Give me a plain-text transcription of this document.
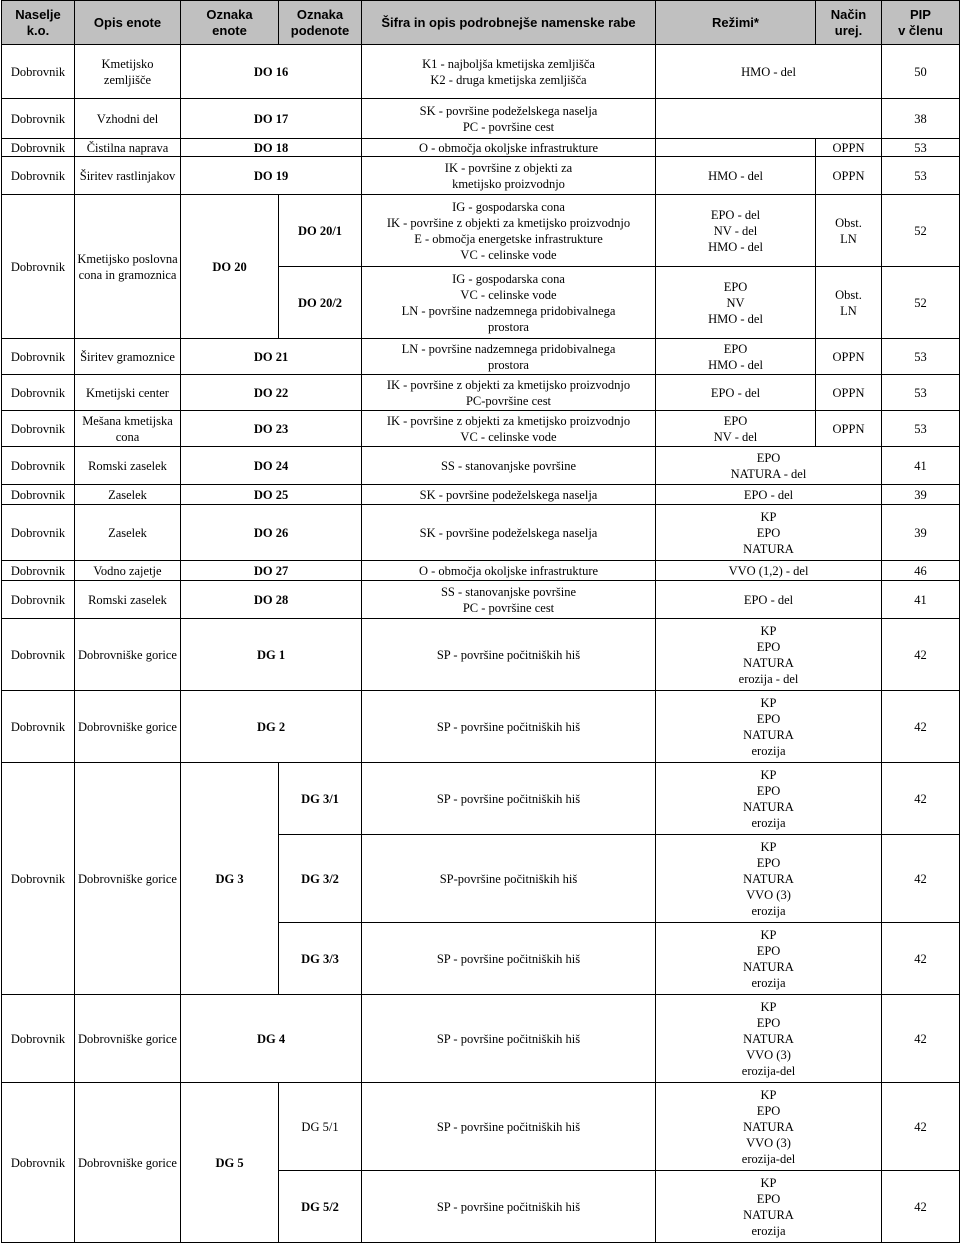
Naselje
k.o.	Opis enote	Oznaka
enote	Oznaka
podenote	Šifra in opis podrobnejše namenske rabe	Režimi*	Način
urej.	PIP
v členu
Dobrovnik	Kmetijsko zemljišče	DO 16		K1 - najboljša kmetijska zemljišča
K2 - druga kmetijska zemljišča	HMO - del		50
Dobrovnik	Vzhodni del	DO 17		SK - površine podeželskega naselja
PC - površine cest			38
Dobrovnik	Čistilna naprava	DO 18		O - območja okoljske infrastrukture		OPPN	53
Dobrovnik	Širitev rastlinjakov	DO 19		IK - površine z objekti za
kmetijsko proizvodnjo	HMO - del	OPPN	53
Dobrovnik	Kmetijsko poslovna
cona in gramoznica	DO 20	DO 20/1	IG - gospodarska cona
IK - površine z objekti za kmetijsko proizvodnjo
E - območja energetske infrastrukture
VC - celinske vode	EPO - del
NV - del
HMO - del	Obst.
LN	52
			DO 20/2	IG - gospodarska cona
VC - celinske vode
LN - površine nadzemnega pridobivalnega
prostora	EPO
NV
HMO - del	Obst.
LN	52
Dobrovnik	Širitev gramoznice	DO 21		LN - površine nadzemnega pridobivalnega
prostora	EPO
HMO - del	OPPN	53
Dobrovnik	Kmetijski center	DO 22		IK - površine z objekti za kmetijsko proizvodnjo
PC-površine cest	EPO - del	OPPN	53
Dobrovnik	Mešana kmetijska
cona	DO 23		IK - površine z objekti za kmetijsko proizvodnjo
VC - celinske vode	EPO
NV - del	OPPN	53
Dobrovnik	Romski zaselek	DO 24		SS - stanovanjske površine	EPO
NATURA - del		41
Dobrovnik	Zaselek	DO 25		SK - površine podeželskega naselja	EPO - del		39
Dobrovnik	Zaselek	DO 26		SK - površine podeželskega naselja	KP
EPO
NATURA		39
Dobrovnik	Vodno zajetje	DO 27		O - območja okoljske infrastrukture	VVO (1,2) - del		46
Dobrovnik	Romski zaselek	DO 28		SS - stanovanjske površine
PC - površine cest	EPO - del		41
Dobrovnik	Dobrovniške gorice	DG 1		SP - površine počitniških hiš	KP
EPO
NATURA
erozija - del		42
Dobrovnik	Dobrovniške gorice	DG 2		SP - površine počitniških hiš	KP
EPO
NATURA
erozija		42
Dobrovnik	Dobrovniške gorice	DG 3	DG 3/1	SP - površine počitniških hiš	KP
EPO
NATURA
erozija		42
			DG 3/2	SP-površine počitniških hiš	KP
EPO
NATURA
VVO (3)
erozija		42
			DG 3/3	SP - površine počitniških hiš	KP
EPO
NATURA
erozija		42
Dobrovnik	Dobrovniške gorice	DG 4		SP - površine počitniških hiš	KP
EPO
NATURA
VVO (3)
erozija-del		42
Dobrovnik	Dobrovniške gorice	DG 5	DG 5/1	SP - površine počitniških hiš	KP
EPO
NATURA
VVO (3)
erozija-del		42
			DG 5/2	SP - površine počitniških hiš	KP
EPO
NATURA
erozija		42
